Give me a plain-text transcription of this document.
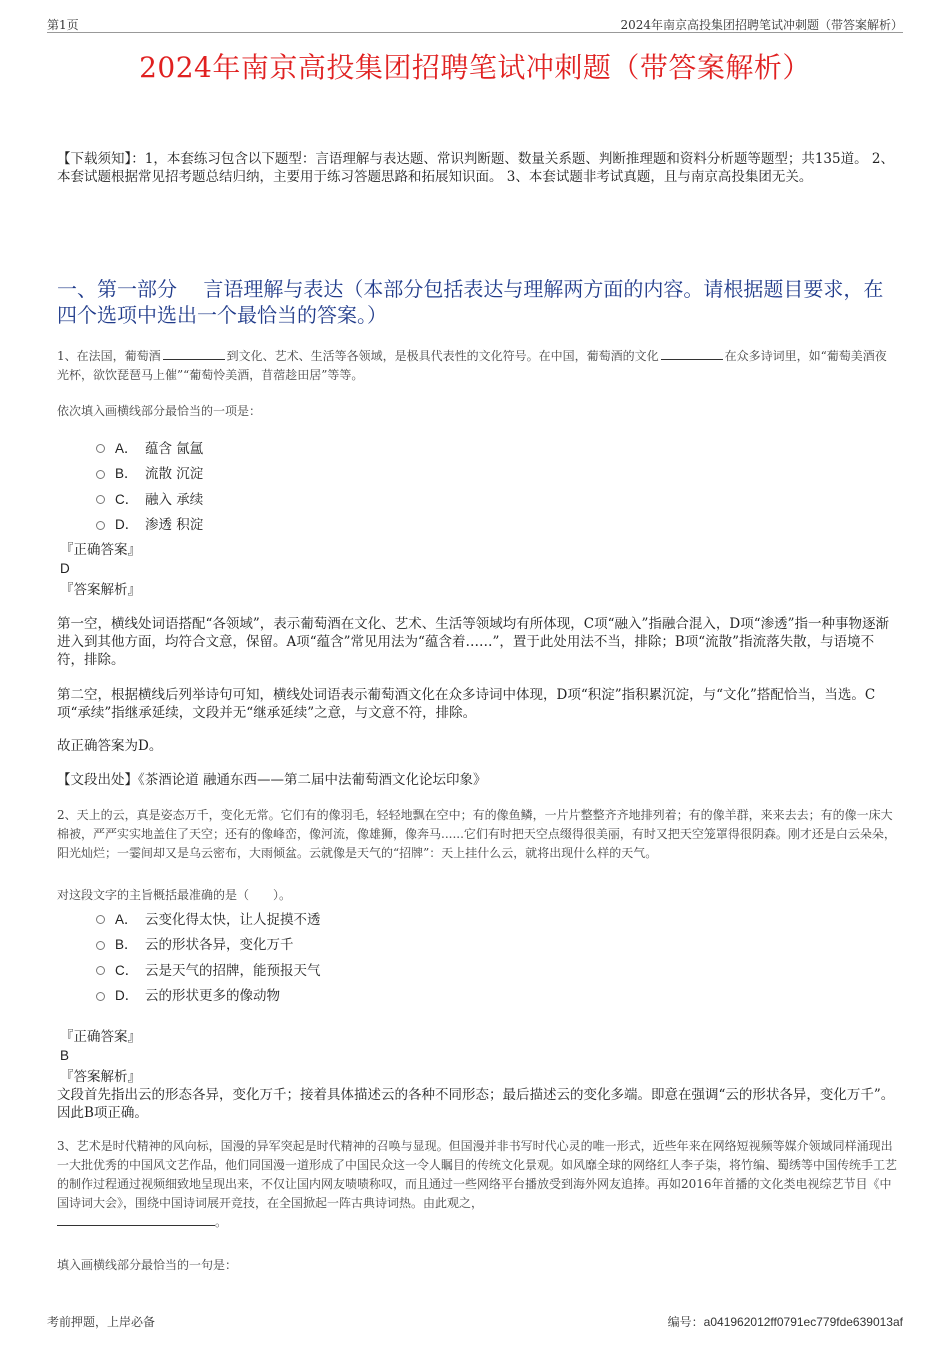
第1页	2024年南京高投集团招聘笔试冲刺题（带答案解析）
2024年南京高投集团招聘笔试冲刺题（带答案解析）
【下载须知】：1，本套练习包含以下题型：言语理解与表达题、常识判断题、数量关系题、判断推理题和资料分析题等题型；共135道。 2、本套试题根据常见招考题总结归纳，主要用于练习答题思路和拓展知识面。 3、本套试题非考试真题，且与南京高投集团无关。
一、第一部分　 言语理解与表达（本部分包括表达与理解两方面的内容。请根据题目要求，在四个选项中选出一个最恰当的答案。）
1、在法国，葡萄酒	到文化、艺术、生活等各领域，是极具代表性的文化符号。在中国，葡萄酒的文化	在众多诗词里，如“葡萄美酒夜光杯，欲饮琵琶马上催”“葡萄怜美酒，苜蓿趁田居”等等。
依次填入画横线部分最恰当的一项是：
A． 蕴含 氤氲
B． 流散 沉淀
C． 融入 承续
D． 渗透 积淀
『正确答案』
D
『答案解析』
第一空，横线处词语搭配“各领域”，表示葡萄酒在文化、艺术、生活等领域均有所体现，C项“融入”指融合混入，D项“渗透”指一种事物逐渐进入到其他方面，均符合文意，保留。A项“蕴含”常见用法为“蕴含着……”，置于此处用法不当，排除；B项“流散”指流落失散，与语境不符，排除。
第二空，根据横线后列举诗句可知，横线处词语表示葡萄酒文化在众多诗词中体现，D项“积淀”指积累沉淀，与“文化”搭配恰当，当选。C项“承续”指继承延续，文段并无“继承延续”之意，与文意不符，排除。
故正确答案为D。
【文段出处】《茶酒论道 融通东西——第二届中法葡萄酒文化论坛印象》
2、天上的云，真是姿态万千，变化无常。它们有的像羽毛，轻轻地飘在空中；有的像鱼鳞，一片片整整齐齐地排列着；有的像羊群，来来去去；有的像一床大棉被，严严实实地盖住了天空；还有的像峰峦，像河流，像雄狮，像奔马......它们有时把天空点缀得很美丽，有时又把天空笼罩得很阴森。刚才还是白云朵朵，阳光灿烂；一霎间却又是乌云密布，大雨倾盆。云就像是天气的“招牌”：天上挂什么云，就将出现什么样的天气。
对这段文字的主旨概括最准确的是（　　）。
A． 云变化得太快，让人捉摸不透
B． 云的形状各异，变化万千
C． 云是天气的招牌，能预报天气
D． 云的形状更多的像动物
『正确答案』
B
『答案解析』
文段首先指出云的形态各异，变化万千；接着具体描述云的各种不同形态；最后描述云的变化多端。即意在强调“云的形状各异，变化万千”。因此B项正确。
3、艺术是时代精神的风向标，国漫的异军突起是时代精神的召唤与显现。但国漫并非书写时代心灵的唯一形式，近些年来在网络短视频等媒介领域同样涌现出一大批优秀的中国风文艺作品，他们同国漫一道形成了中国民众这一令人瞩目的传统文化景观。如风靡全球的网络红人李子柒，将竹编、蜀绣等中国传统手工艺的制作过程通过视频细致地呈现出来，不仅让国内网友啧啧称叹，而且通过一些网络平台播放受到海外网友追捧。再如2016年首播的文化类电视综艺节目《中国诗词大会》，围绕中国诗词展开竞技，在全国掀起一阵古典诗词热。由此观之，
。
填入画横线部分最恰当的一句是：
考前押题，上岸必备	编号：a041962012ff0791ec779fde639013af
